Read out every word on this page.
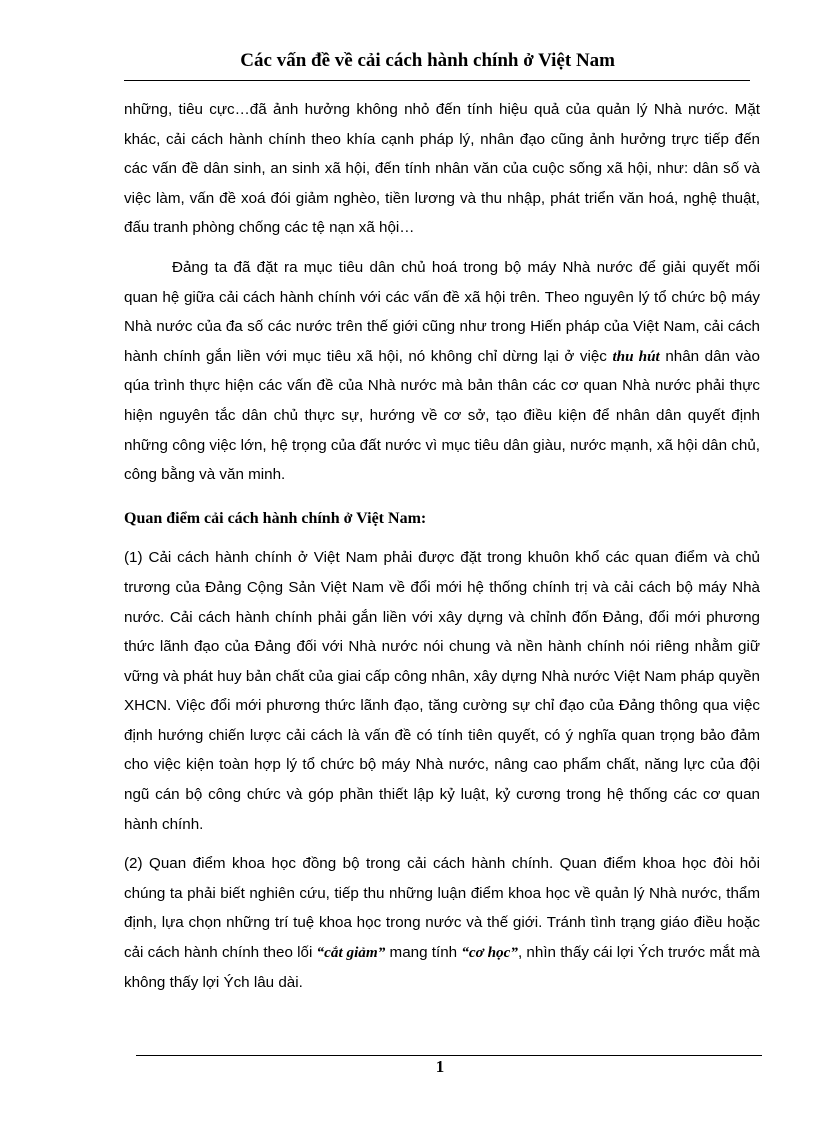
Các vấn đề về cải cách hành chính ở Việt Nam

những, tiêu cực…đã ảnh hưởng không nhỏ đến tính hiệu quả của quản lý Nhà nước. Mặt khác, cải cách hành chính theo khía cạnh pháp lý, nhân đạo cũng ảnh hưởng trực tiếp đến các vấn đề dân sinh, an sinh xã hội, đến tính nhân văn của cuộc sống xã hội, như: dân số và việc làm, vấn đề xoá đói giảm nghèo, tiền lương và thu nhập, phát triển văn hoá, nghệ thuật, đấu tranh phòng chống các tệ nạn xã hội…

Đảng ta đã đặt ra mục tiêu dân chủ hoá trong bộ máy Nhà nước để giải quyết mối quan hệ giữa cải cách hành chính với các vấn đề xã hội trên. Theo nguyên lý tổ chức bộ máy Nhà nước của đa số các nước trên thế giới cũng như trong Hiến pháp của Việt Nam, cải cách hành chính gắn liền với mục tiêu xã hội, nó không chỉ dừng lại ở việc thu hút nhân dân vào qúa trình thực hiện các vấn đề của Nhà nước mà bản thân các cơ quan Nhà nước phải thực hiện nguyên tắc dân chủ thực sự, hướng về cơ sở, tạo điều kiện để nhân dân quyết định những công việc lớn, hệ trọng của đất nước vì mục tiêu dân giàu, nước mạnh, xã hội dân chủ, công bằng và văn minh.

Quan điểm cải cách hành chính ở Việt Nam:

(1) Cải cách hành chính ở Việt Nam phải được đặt trong khuôn khổ các quan điểm và chủ trương của Đảng Cộng Sản Việt Nam về đổi mới hệ thống chính trị và cải cách bộ máy Nhà nước. Cải cách hành chính phải gắn liền với xây dựng và chỉnh đốn Đảng, đổi mới phương thức lãnh đạo của Đảng đối với Nhà nước nói chung và nền hành chính nói riêng nhằm giữ vững và phát huy bản chất của giai cấp công nhân, xây dựng Nhà nước Việt Nam pháp quyền XHCN. Việc đổi mới phương thức lãnh đạo, tăng cường sự chỉ đạo của Đảng thông qua việc định hướng chiến lược cải cách là vấn đề có tính tiên quyết, có ý nghĩa quan trọng bảo đảm cho việc kiện toàn hợp lý tổ chức bộ máy Nhà nước, nâng cao phẩm chất, năng lực của đội ngũ cán bộ công chức và góp phần thiết lập kỷ luật, kỷ cương trong hệ thống các cơ quan hành chính.

(2) Quan điểm khoa học đồng bộ trong cải cách hành chính. Quan điểm khoa học đòi hỏi chúng ta phải biết nghiên cứu, tiếp thu những luận điểm khoa học về quản lý Nhà nước, thẩm định, lựa chọn những trí tuệ khoa học trong nước và thế giới. Tránh tình trạng giáo điều hoặc cải cách hành chính theo lối “cắt giảm” mang tính “cơ học”, nhìn thấy cái lợi Ých trước mắt mà không thấy lợi Ých lâu dài.

1
